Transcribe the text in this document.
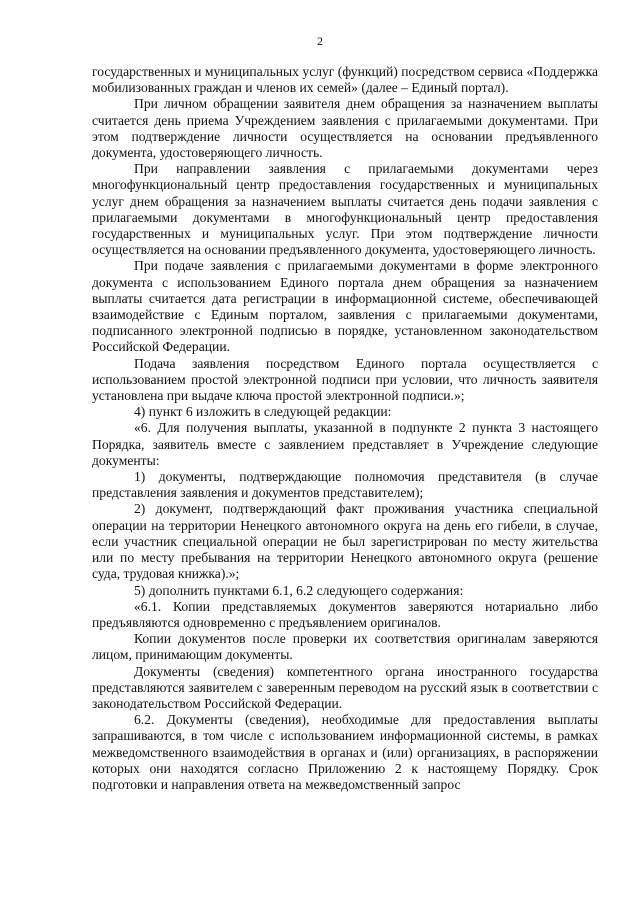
2

государственных и муниципальных услуг (функций) посредством сервиса «Поддержка мобилизованных граждан и членов их семей» (далее – Единый портал).

При личном обращении заявителя днем обращения за назначением выплаты считается день приема Учреждением заявления с прилагаемыми документами. При этом подтверждение личности осуществляется на основании предъявленного документа, удостоверяющего личность.

При направлении заявления с прилагаемыми документами через многофункциональный центр предоставления государственных и муниципальных услуг днем обращения за назначением выплаты считается день подачи заявления с прилагаемыми документами в многофункциональный центр предоставления государственных и муниципальных услуг. При этом подтверждение личности осуществляется на основании предъявленного документа, удостоверяющего личность.

При подаче заявления с прилагаемыми документами в форме электронного документа с использованием Единого портала днем обращения за назначением выплаты считается дата регистрации в информационной системе, обеспечивающей взаимодействие с Единым порталом, заявления с прилагаемыми документами, подписанного электронной подписью в порядке, установленном законодательством Российской Федерации.

Подача заявления посредством Единого портала осуществляется с использованием простой электронной подписи при условии, что личность заявителя установлена при выдаче ключа простой электронной подписи.»;

4) пункт 6 изложить в следующей редакции:

«6. Для получения выплаты, указанной в подпункте 2 пункта 3 настоящего Порядка, заявитель вместе с заявлением представляет в Учреждение следующие документы:

1) документы, подтверждающие полномочия представителя (в случае представления заявления и документов представителем);

2) документ, подтверждающий факт проживания участника специальной операции на территории Ненецкого автономного округа на день его гибели, в случае, если участник специальной операции не был зарегистрирован по месту жительства или по месту пребывания на территории Ненецкого автономного округа (решение суда, трудовая книжка).»;

5) дополнить пунктами 6.1, 6.2 следующего содержания:

«6.1. Копии представляемых документов заверяются нотариально либо предъявляются одновременно с предъявлением оригиналов.

Копии документов после проверки их соответствия оригиналам заверяются лицом, принимающим документы.

Документы (сведения) компетентного органа иностранного государства представляются заявителем с заверенным переводом на русский язык в соответствии с законодательством Российской Федерации.

6.2. Документы (сведения), необходимые для предоставления выплаты запрашиваются, в том числе с использованием информационной системы, в рамках межведомственного взаимодействия в органах и (или) организациях, в распоряжении которых они находятся согласно Приложению 2 к настоящему Порядку. Срок подготовки и направления ответа на межведомственный запрос
